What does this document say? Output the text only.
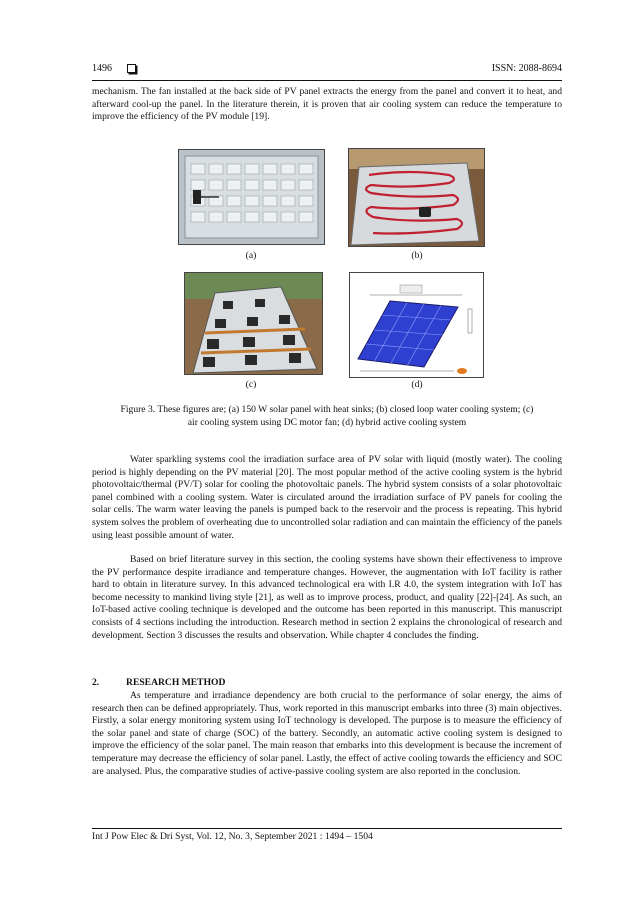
1496	ISSN: 2088-8694
mechanism. The fan installed at the back side of PV panel extracts the energy from the panel and convert it to heat, and afterward cool-up the panel. In the literature therein, it is proven that air cooling system can reduce the temperature to improve the efficiency of the PV module [19].
(a)	(b)
(c)	(d)
Figure 3. These figures are; (a) 150 W solar panel with heat sinks; (b) closed loop water cooling system; (c)
air cooling system using DC motor fan; (d) hybrid active cooling system
Water sparkling systems cool the irradiation surface area of PV solar with liquid (mostly water). The cooling period is highly depending on the PV material [20]. The most popular method of the active cooling system is the hybrid photovoltaic/thermal (PV/T) solar for cooling the photovoltaic panels. The hybrid system consists of a solar photovoltaic panel combined with a cooling system. Water is circulated around the irradiation surface of PV panels for cooling the solar cells. The warm water leaving the panels is pumped back to the reservoir and the process is repeating. This hybrid system solves the problem of overheating due to uncontrolled solar radiation and can maintain the efficiency of the panels using least possible amount of water.
Based on brief literature survey in this section, the cooling systems have shown their effectiveness to improve the PV performance despite irradiance and temperature changes. However, the augmentation with IoT facility is rather hard to obtain in literature survey. In this advanced technological era with I.R 4.0, the system integration with IoT has become necessity to mankind living style [21], as well as to improve process, product, and quality [22]-[24]. As such, an IoT-based active cooling technique is developed and the outcome has been reported in this manuscript. This manuscript consists of 4 sections including the introduction. Research method in section 2 explains the chronological of research and development. Section 3 discusses the results and observation. While chapter 4 concludes the finding.
2.	RESEARCH METHOD
As temperature and irradiance dependency are both crucial to the performance of solar energy, the aims of research then can be defined appropriately. Thus, work reported in this manuscript embarks into three (3) main objectives. Firstly, a solar energy monitoring system using IoT technology is developed. The purpose is to measure the efficiency of the solar panel and state of charge (SOC) of the battery. Secondly, an automatic active cooling system is designed to improve the efficiency of the solar panel. The main reason that embarks into this development is because the increment of temperature may decrease the efficiency of solar panel. Lastly, the effect of active cooling towards the efficiency and SOC are analysed. Plus, the comparative studies of active-passive cooling system are also reported in the conclusion.
Int J Pow Elec & Dri Syst, Vol. 12, No. 3, September 2021 : 1494 – 1504
